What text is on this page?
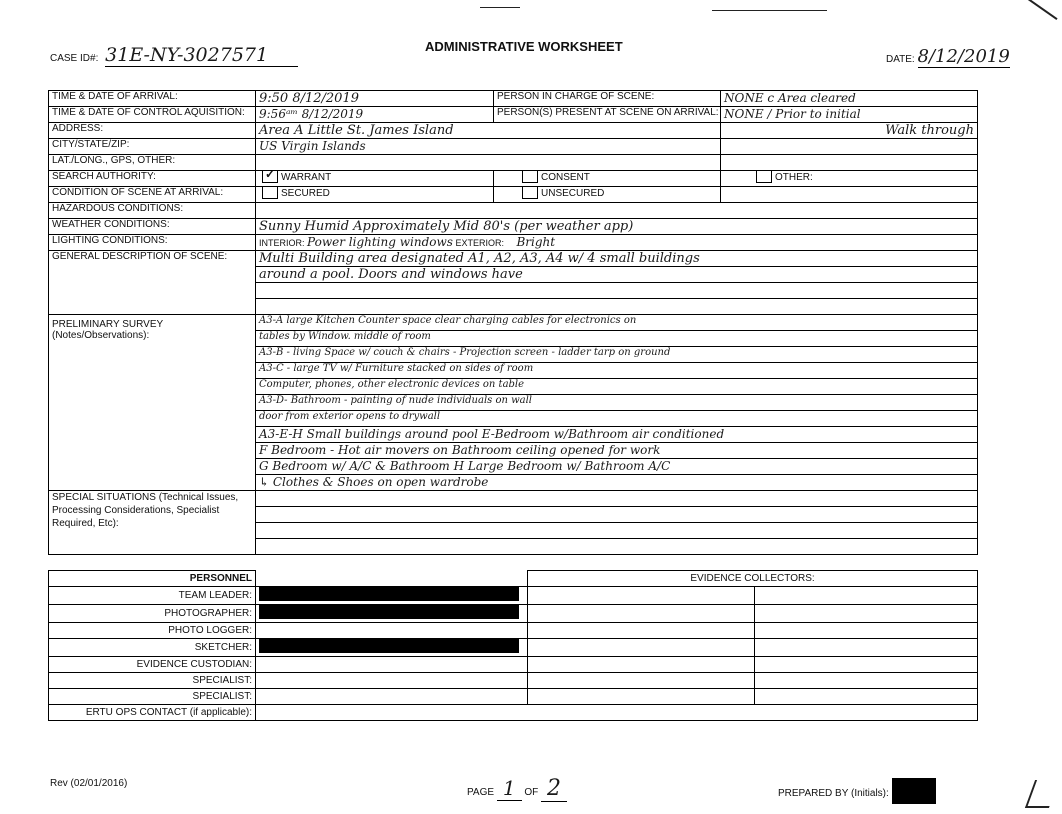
CASE ID#: 31E-NY-3027571	ADMINISTRATIVE WORKSHEET
DATE: 8/12/2019
TIME & DATE OF ARRIVAL:	9:50 8/12/2019	PERSON IN CHARGE OF SCENE:	NONE c Area cleared
TIME & DATE OF CONTROL AQUISITION:	9:56ᵃᵐ 8/12/2019	PERSON(S) PRESENT AT SCENE ON ARRIVAL:	NONE / Prior to initial
ADDRESS:	Area A Little St. James Island		Walk through
CITY/STATE/ZIP:	US Virgin Islands		
LAT./LONG., GPS, OTHER:			
SEARCH AUTHORITY:	✓WARRANT	CONSENT	OTHER:
CONDITION OF SCENE AT ARRIVAL:	SECURED	UNSECURED	
HAZARDOUS CONDITIONS:			
WEATHER CONDITIONS:	Sunny Humid Approximately Mid 80's (per weather app)		
LIGHTING CONDITIONS:	INTERIOR: Power lighting windows EXTERIOR: Bright		
GENERAL DESCRIPTION OF SCENE:	Multi Building area designated A1, A2, A3, A4 w/ 4 small buildings		
	around a pool. Doors and windows have		

PRELIMINARY SURVEY
(Notes/Observations):	A3-A large Kitchen Counter space clear charging cables for electronics on		
	tables by Window. middle of room		
	A3-B - living Space w/ couch & chairs - Projection screen - ladder tarp on ground		
	A3-C - large TV w/ Furniture stacked on sides of room		
	Computer, phones, other electronic devices on table		
	A3-D- Bathroom - painting of nude individuals on wall		
	door from exterior opens to drywall		
	A3-E-H Small buildings around pool E-Bedroom w/Bathroom air conditioned		
	F Bedroom - Hot air movers on Bathroom ceiling opened for work		
	G Bedroom w/ A/C & Bathroom H Large Bedroom w/ Bathroom A/C		
	↳ Clothes & Shoes on open wardrobe		
SPECIAL SITUATIONS (Technical Issues, Processing Considerations, Specialist Required, Etc):			

PERSONNEL		EVIDENCE COLLECTORS:	
TEAM LEADER:			
PHOTOGRAPHER:			
PHOTO LOGGER:			
SKETCHER:			
EVIDENCE CUSTODIAN:			
SPECIALIST:			
SPECIALIST:			
ERTU OPS CONTACT (if applicable):			
Rev (02/01/2016)
PAGE 1 OF 2	PREPARED BY (Initials):
